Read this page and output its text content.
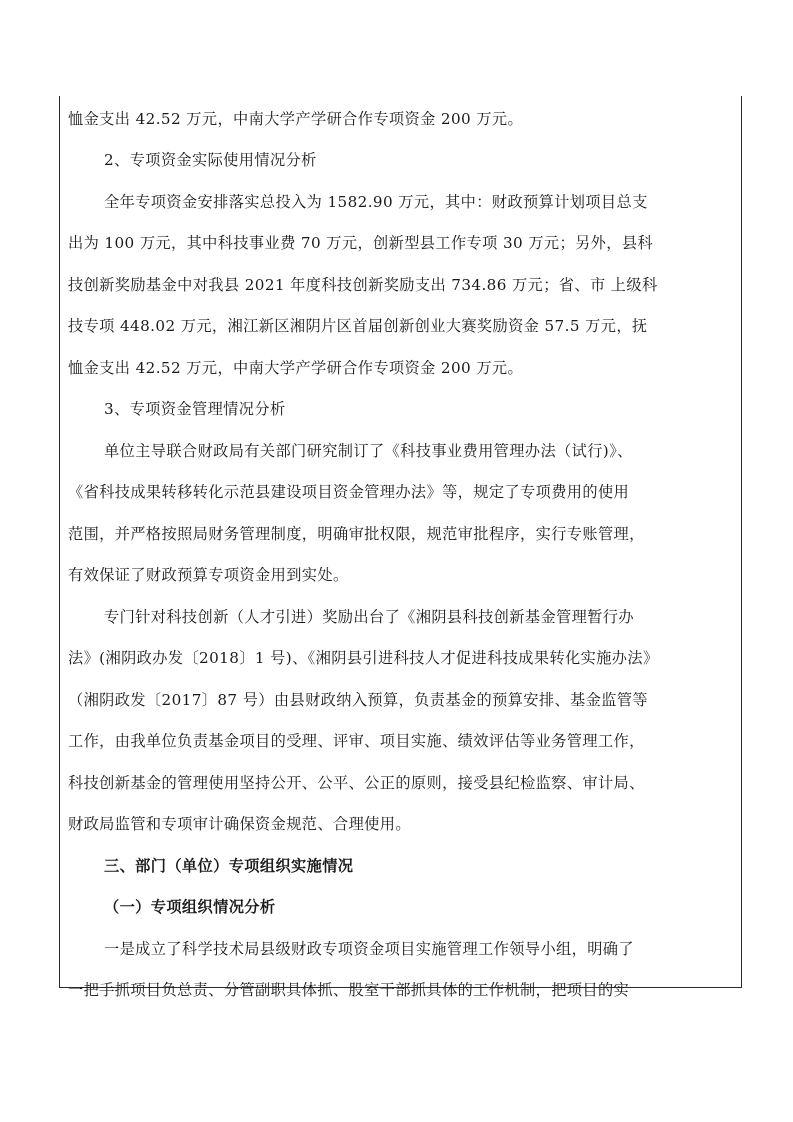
恤金支出 42.52 万元，中南大学产学研合作专项资金 200 万元。
2、专项资金实际使用情况分析
全年专项资金安排落实总投入为 1582.90 万元，其中：财政预算计划项目总支
出为 100 万元，其中科技事业费 70 万元，创新型县工作专项 30 万元；另外，县科
技创新奖励基金中对我县 2021 年度科技创新奖励支出 734.86 万元；省、市 上级科
技专项 448.02 万元，湘江新区湘阴片区首届创新创业大赛奖励资金 57.5 万元，抚
恤金支出 42.52 万元，中南大学产学研合作专项资金 200 万元。
3、专项资金管理情况分析
单位主导联合财政局有关部门研究制订了《科技事业费用管理办法（试行)》、
《省科技成果转移转化示范县建设项目资金管理办法》等，规定了专项费用的使用
范围，并严格按照局财务管理制度，明确审批权限，规范审批程序，实行专账管理，
有效保证了财政预算专项资金用到实处。
专门针对科技创新（人才引进）奖励出台了《湘阴县科技创新基金管理暂行办
法》(湘阴政办发〔2018〕1 号)、《湘阴县引进科技人才促进科技成果转化实施办法》
（湘阴政发〔2017〕87 号）由县财政纳入预算，负责基金的预算安排、基金监管等
工作，由我单位负责基金项目的受理、评审、项目实施、绩效评估等业务管理工作，
科技创新基金的管理使用坚持公开、公平、公正的原则，接受县纪检监察、审计局、
财政局监管和专项审计确保资金规范、合理使用。
三、部门（单位）专项组织实施情况
（一）专项组织情况分析
一是成立了科学技术局县级财政专项资金项目实施管理工作领导小组，明确了
一把手抓项目负总责、分管副职具体抓、股室干部抓具体的工作机制，把项目的实
